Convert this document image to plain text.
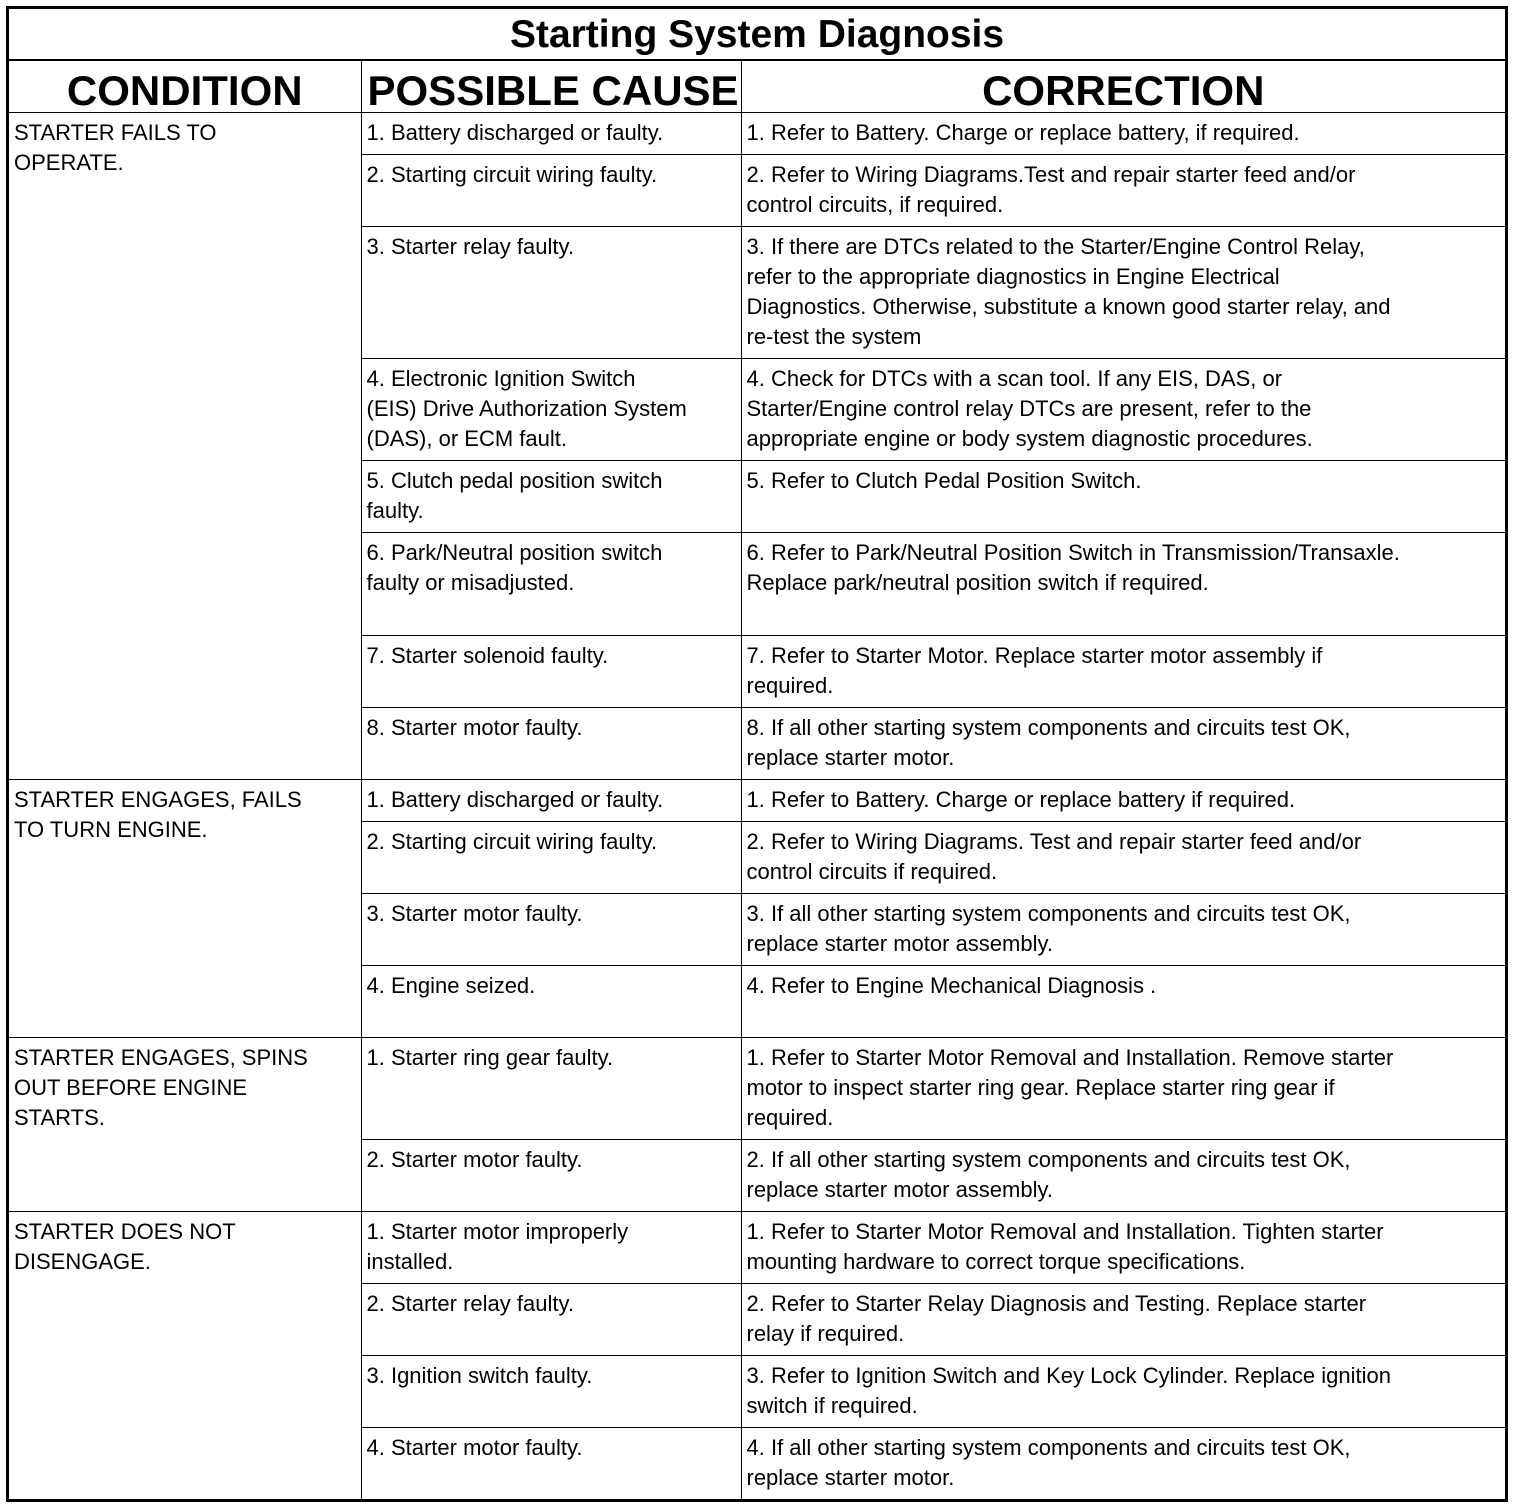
Starting System Diagnosis		
CONDITION	POSSIBLE CAUSE	CORRECTION

STARTER FAILS TO
OPERATE.	1. Battery discharged or faulty.	1. Refer to Battery. Charge or replace battery, if required.

	2. Starting circuit wiring faulty.	2. Refer to Wiring Diagrams.Test and repair starter feed and/or
control circuits, if required.

	3. Starter relay faulty.	3. If there are DTCs related to the Starter/Engine Control Relay,
refer to the appropriate diagnostics in Engine Electrical
Diagnostics. Otherwise, substitute a known good starter relay, and
re-test the system

	4. Electronic Ignition Switch
(EIS) Drive Authorization System
(DAS), or ECM fault.	4. Check for DTCs with a scan tool. If any EIS, DAS, or
Starter/Engine control relay DTCs are present, refer to the
appropriate engine or body system diagnostic procedures.

	5. Clutch pedal position switch
faulty.	5. Refer to Clutch Pedal Position Switch.

	6. Park/Neutral position switch
faulty or misadjusted.	6. Refer to Park/Neutral Position Switch in Transmission/Transaxle.
Replace park/neutral position switch if required.

	7. Starter solenoid faulty.	7. Refer to Starter Motor. Replace starter motor assembly if
required.

	8. Starter motor faulty.	8. If all other starting system components and circuits test OK,
replace starter motor.

STARTER ENGAGES, FAILS
TO TURN ENGINE.	1. Battery discharged or faulty.	1. Refer to Battery. Charge or replace battery if required.

	2. Starting circuit wiring faulty.	2. Refer to Wiring Diagrams. Test and repair starter feed and/or
control circuits if required.

	3. Starter motor faulty.	3. If all other starting system components and circuits test OK,
replace starter motor assembly.

	4. Engine seized.	4. Refer to Engine Mechanical Diagnosis .

STARTER ENGAGES, SPINS
OUT BEFORE ENGINE
STARTS.	1. Starter ring gear faulty.	1. Refer to Starter Motor Removal and Installation. Remove starter
motor to inspect starter ring gear. Replace starter ring gear if
required.

	2. Starter motor faulty.	2. If all other starting system components and circuits test OK,
replace starter motor assembly.

STARTER DOES NOT
DISENGAGE.	1. Starter motor improperly
installed.	1. Refer to Starter Motor Removal and Installation. Tighten starter
mounting hardware to correct torque specifications.

	2. Starter relay faulty.	2. Refer to Starter Relay Diagnosis and Testing. Replace starter
relay if required.

	3. Ignition switch faulty.	3. Refer to Ignition Switch and Key Lock Cylinder. Replace ignition
switch if required.

	4. Starter motor faulty.	4. If all other starting system components and circuits test OK,
replace starter motor.
